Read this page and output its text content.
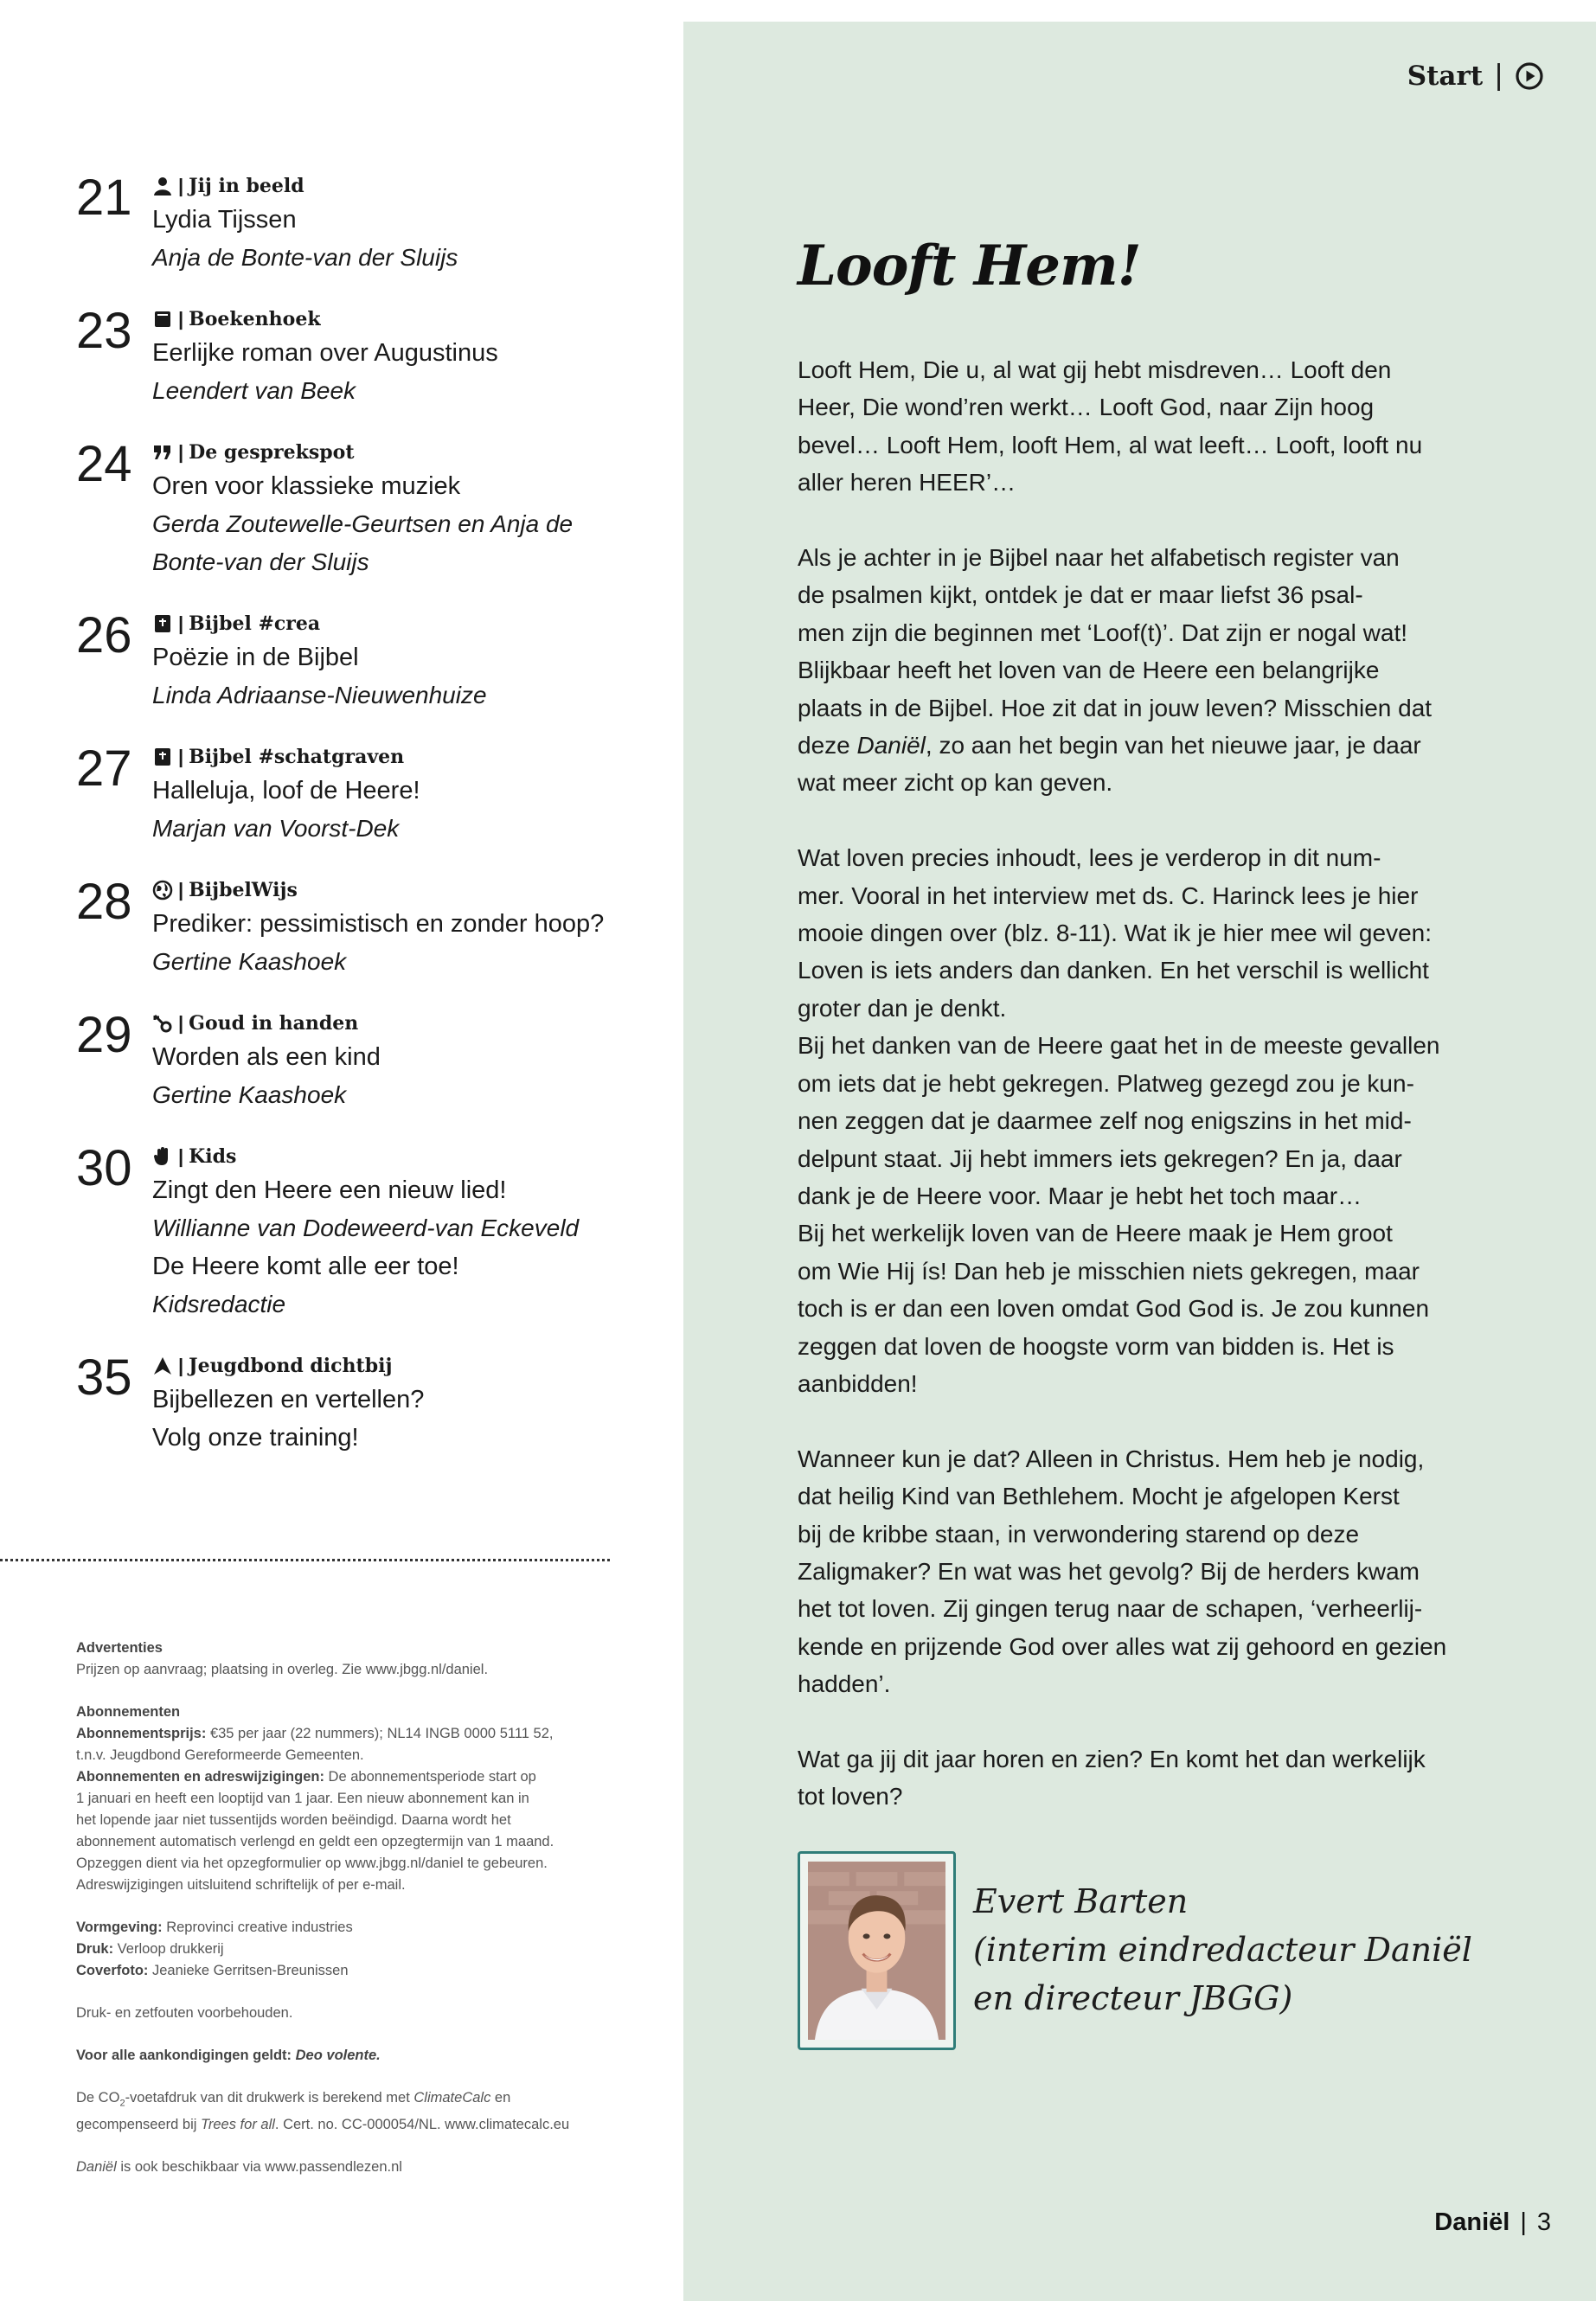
Start |
21 | Jij in beeld
Lydia Tijssen
Anja de Bonte-van der Sluijs
23 | Boekenhoek
Eerlijke roman over Augustinus
Leendert van Beek
24 | De gesprekspot
Oren voor klassieke muziek
Gerda Zoutewelle-Geurtsen en Anja de
Bonte-van der Sluijs
26 | Bijbel #crea
Poëzie in de Bijbel
Linda Adriaanse-Nieuwenhuize
27 | Bijbel #schatgraven
Halleluja, loof de Heere!
Marjan van Voorst-Dek
28 | BijbelWijs
Prediker: pessimistisch en zonder hoop?
Gertine Kaashoek
29 | Goud in handen
Worden als een kind
Gertine Kaashoek
30 | Kids
Zingt den Heere een nieuw lied!
Willianne van Dodeweerd-van Eckeveld
De Heere komt alle eer toe!
Kidsredactie
35 | Jeugdbond dichtbij
Bijbellezen en vertellen?
Volg onze training!

Advertenties
Prijzen op aanvraag; plaatsing in overleg. Zie www.jbgg.nl/daniel.

Abonnementen
Abonnementsprijs: €35 per jaar (22 nummers); NL14 INGB 0000 5111 52,
t.n.v. Jeugdbond Gereformeerde Gemeenten.
Abonnementen en adreswijzigingen: De abonnementsperiode start op
1 januari en heeft een looptijd van 1 jaar. Een nieuw abonnement kan in
het lopende jaar niet tussentijds worden beëindigd. Daarna wordt het
abonnement automatisch verlengd en geldt een opzegtermijn van 1 maand.
Opzeggen dient via het opzegformulier op www.jbgg.nl/daniel te gebeuren.
Adreswijzigingen uitsluitend schriftelijk of per e-mail.

Vormgeving: Reprovinci creative industries
Druk: Verloop drukkerij
Coverfoto: Jeanieke Gerritsen-Breunissen

Druk- en zetfouten voorbehouden.

Voor alle aankondigingen geldt: Deo volente.

De $CO_2$-voetafdruk van dit drukwerk is berekend met ClimateCalc en
gecompenseerd bij Trees for all. Cert. no. CC-000054/NL. www.climatecalc.eu

Daniël is ook beschikbaar via www.passendlezen.nl

Looft Hem!

Looft Hem, Die u, al wat gij hebt misdreven… Looft den
Heer, Die wond’ren werkt… Looft God, naar Zijn hoog
bevel… Looft Hem, looft Hem, al wat leeft… Looft, looft nu
aller heren HEER’…

Als je achter in je Bijbel naar het alfabetisch register van
de psalmen kijkt, ontdek je dat er maar liefst 36 psal-
men zijn die beginnen met ‘Loof(t)’. Dat zijn er nogal wat!
Blijkbaar heeft het loven van de Heere een belangrijke
plaats in de Bijbel. Hoe zit dat in jouw leven? Misschien dat
deze Daniël, zo aan het begin van het nieuwe jaar, je daar
wat meer zicht op kan geven.

Wat loven precies inhoudt, lees je verderop in dit num-
mer. Vooral in het interview met ds. C. Harinck lees je hier
mooie dingen over (blz. 8-11). Wat ik je hier mee wil geven:
Loven is iets anders dan danken. En het verschil is wellicht
groter dan je denkt.

Bij het danken van de Heere gaat het in de meeste gevallen
om iets dat je hebt gekregen. Platweg gezegd zou je kun-
nen zeggen dat je daarmee zelf nog enigszins in het mid-
delpunt staat. Jij hebt immers iets gekregen? En ja, daar
dank je de Heere voor. Maar je hebt het toch maar…

Bij het werkelijk loven van de Heere maak je Hem groot
om Wie Hij ís! Dan heb je misschien niets gekregen, maar
toch is er dan een loven omdat God God is. Je zou kunnen
zeggen dat loven de hoogste vorm van bidden is. Het is
aanbidden!

Wanneer kun je dat? Alleen in Christus. Hem heb je nodig,
dat heilig Kind van Bethlehem. Mocht je afgelopen Kerst
bij de kribbe staan, in verwondering starend op deze
Zaligmaker? En wat was het gevolg? Bij de herders kwam
het tot loven. Zij gingen terug naar de schapen, ‘verheerlij-
kende en prijzende God over alles wat zij gehoord en gezien
hadden’.

Wat ga jij dit jaar horen en zien? En komt het dan werkelijk
tot loven?

Evert Barten
(interim eindredacteur Daniël
en directeur JBGG)
Daniël | 3
